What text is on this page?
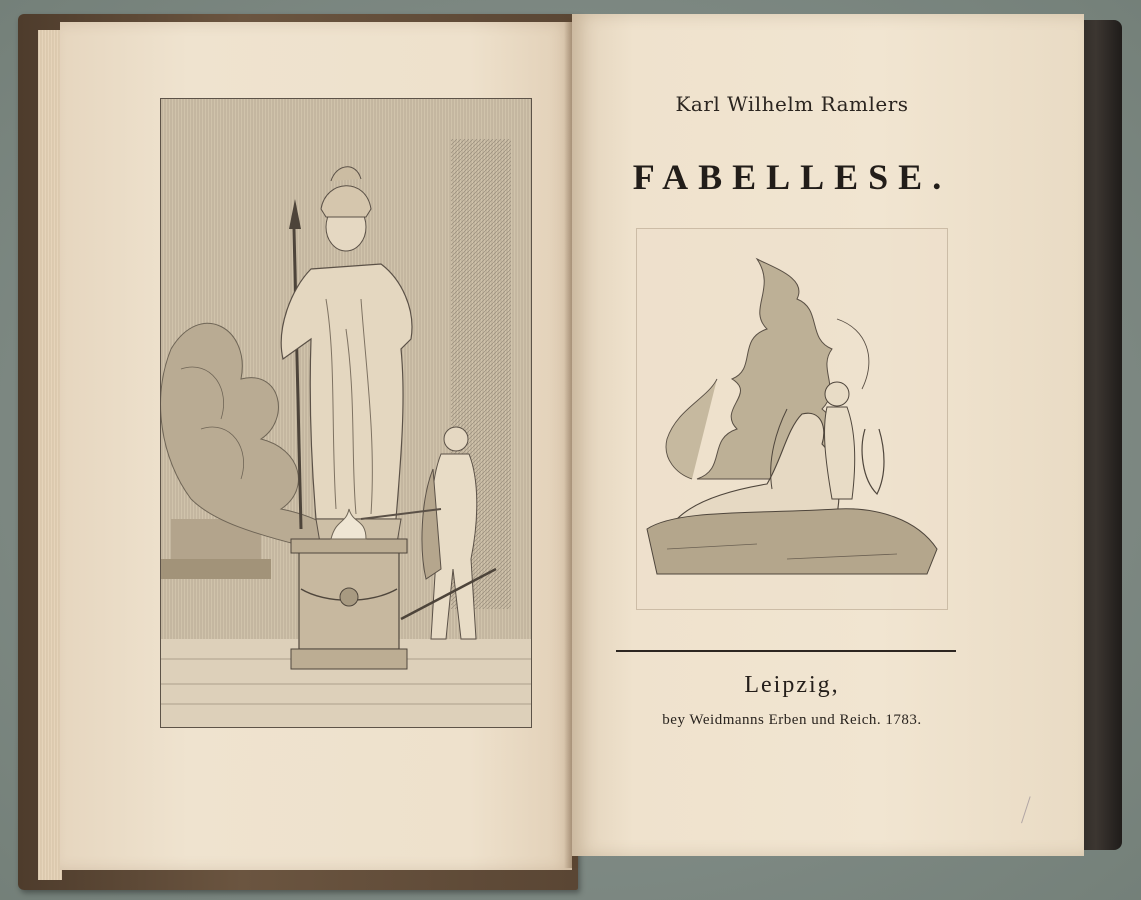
Karl Wilhelm Ramlers
FABELLESE.
Leipzig,
bey Weidmanns Erben und Reich. 1783.
